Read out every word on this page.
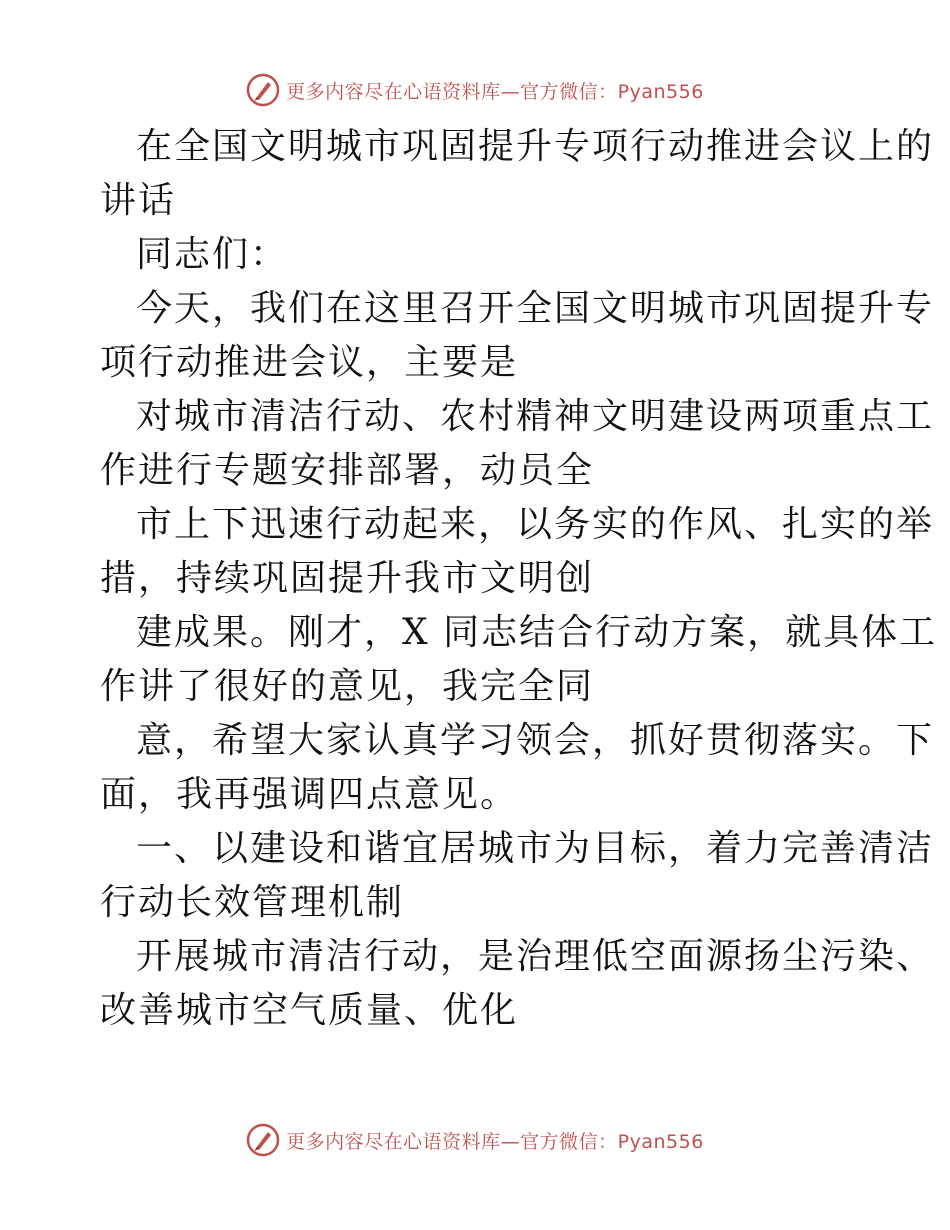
更多内容尽在心语资料库—官方微信：Pyan556
在全国文明城市巩固提升专项行动推进会议上的
讲话
同志们：
今天，我们在这里召开全国文明城市巩固提升专
项行动推进会议，主要是
对城市清洁行动、农村精神文明建设两项重点工
作进行专题安排部署，动员全
市上下迅速行动起来，以务实的作风、扎实的举
措，持续巩固提升我市文明创
建成果。刚才，X 同志结合行动方案，就具体工
作讲了很好的意见，我完全同
意，希望大家认真学习领会，抓好贯彻落实。下
面，我再强调四点意见。
一、以建设和谐宜居城市为目标，着力完善清洁
行动长效管理机制
开展城市清洁行动，是治理低空面源扬尘污染、
改善城市空气质量、优化
更多内容尽在心语资料库—官方微信：Pyan556
